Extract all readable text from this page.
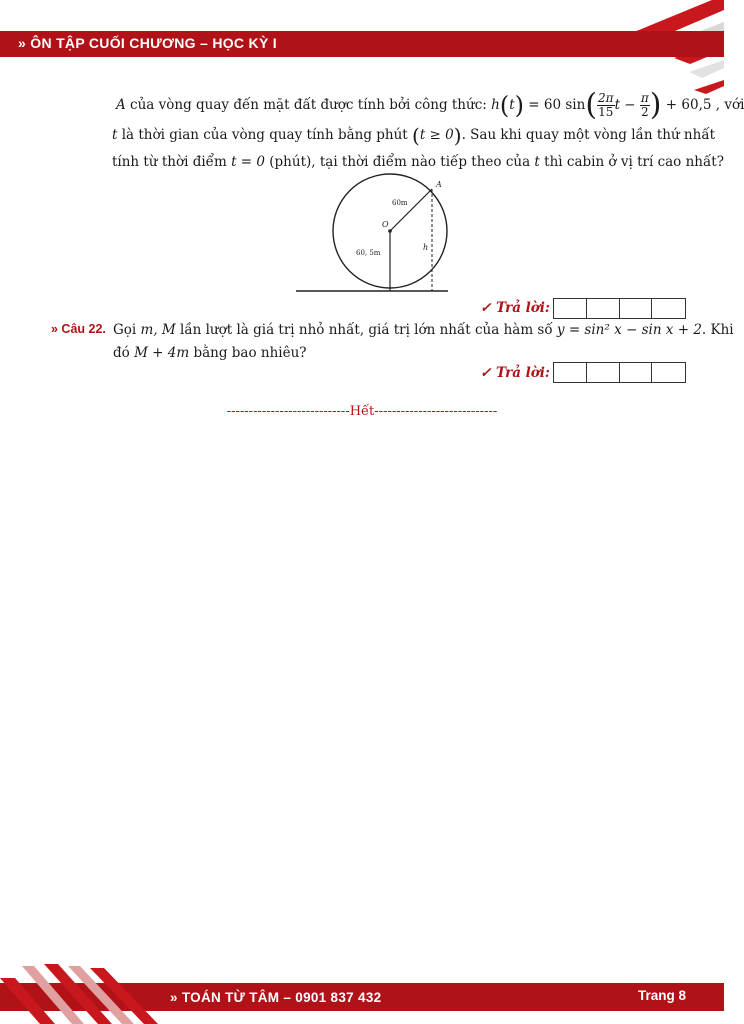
» ÔN TẬP CUỐI CHƯƠNG – HỌC KỲ I
A của vòng quay đến mặt đất được tính bởi công thức: h(t) = 60 $\sin( \frac{2\pi}{15}$ $t - \frac{\pi}{2}$ ) + 60,5 , với
t là thời gian của vòng quay tính bằng phút (t ≥ 0). Sau khi quay một vòng lần thứ nhất
tính từ thời điểm t = 0 (phút), tại thời điểm nào tiếp theo của t thì cabin ở vị trí cao nhất?
A
O
60m
60, 5m
h
✓ Trả lời:
» Câu 22. Gọi m, M lần lượt là giá trị nhỏ nhất, giá trị lớn nhất của hàm số y = sin² x − sin x + 2. Khi
đó M + 4m bằng bao nhiêu?
✓ Trả lời:
----------------------------Hết----------------------------
» TOÁN TỪ TÂM – 0901 837 432	Trang 8
